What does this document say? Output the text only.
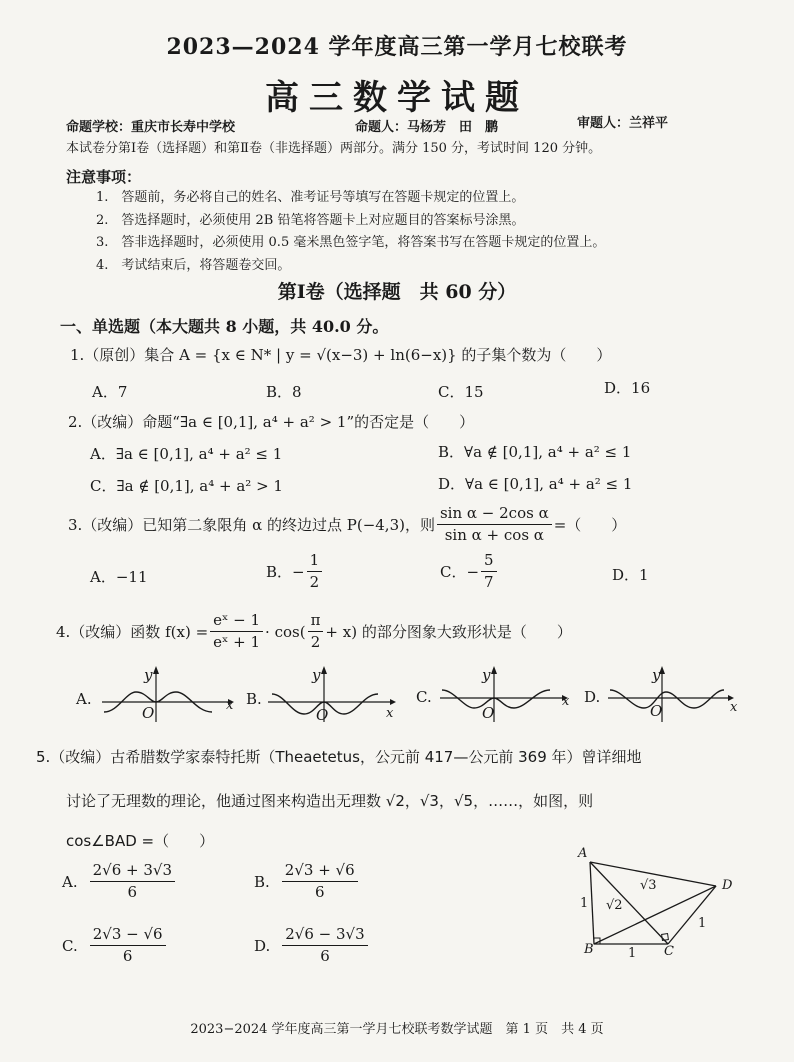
2023—2024 学年度高三第一学月七校联考
高三数学试题
命题学校：重庆市长寿中学校	命题人：马杨芳　田　鹏	审题人：兰祥平
本试卷分第Ⅰ卷（选择题）和第Ⅱ卷（非选择题）两部分。满分 150 分，考试时间 120 分钟。
注意事项：
1.　答题前，务必将自己的姓名、准考证号等填写在答题卡规定的位置上。
2.　答选择题时，必须使用 2B 铅笔将答题卡上对应题目的答案标号涂黑。
3.　答非选择题时，必须使用 0.5 毫米黑色签字笔，将答案书写在答题卡规定的位置上。
4.　考试结束后，将答题卷交回。
第Ⅰ卷（选择题　共 60 分）
一、单选题（本大题共 8 小题，共 40.0 分。
1.（原创）集合 A = {x ∈ N* | y = √(x−3) + ln(6−x)} 的子集个数为（　　）
A．7	B．8	C．15	D．16
2.（改编）命题“∃a ∈ [0,1], a⁴ + a² > 1”的否定是（　　）
A．∃a ∈ [0,1], a⁴ + a² ≤ 1	B．∀a ∉ [0,1], a⁴ + a² ≤ 1
C．∃a ∉ [0,1], a⁴ + a² > 1	D．∀a ∈ [0,1], a⁴ + a² ≤ 1
3.（改编）已知第二象限角 α 的终边过点 P(−4,3)，则 $\frac{\text{sin α − 2cos α}}{\text{sin α + cos α}}$ =（　　）
A．−11	B．− $\frac{1}{2}$	C．− $\frac{5}{7}$	D．1
4.（改编）函数 $f(x) = \frac{\text{eˣ − 1}}{\text{eˣ + 1}} \cdot \cos( \frac{\pi}{2} + x)$ 的部分图象大致形状是（　　）
A.
y
O	x B.
y
O	x
C.
y
O
x D.
y
O	x
5.（改编）古希腊数学家泰特托斯（Theaetetus，公元前 417—公元前 369 年）曾详细地
讨论了无理数的理论，他通过图来构造出无理数 √2，√3，√5，……，如图，则
cos∠BAD =（　　）
A. $\frac{2√6 + 3√3}{6}$	B. $\frac{2√3 + √6}{6}$
C. $\frac{2√3 - √6}{6}$	D. $\frac{2√6 - 3√3}{6}$
A
B	C
D
1
1
1
√2
√3
2023−2024 学年度高三第一学月七校联考数学试题　第 1 页　共 4 页
